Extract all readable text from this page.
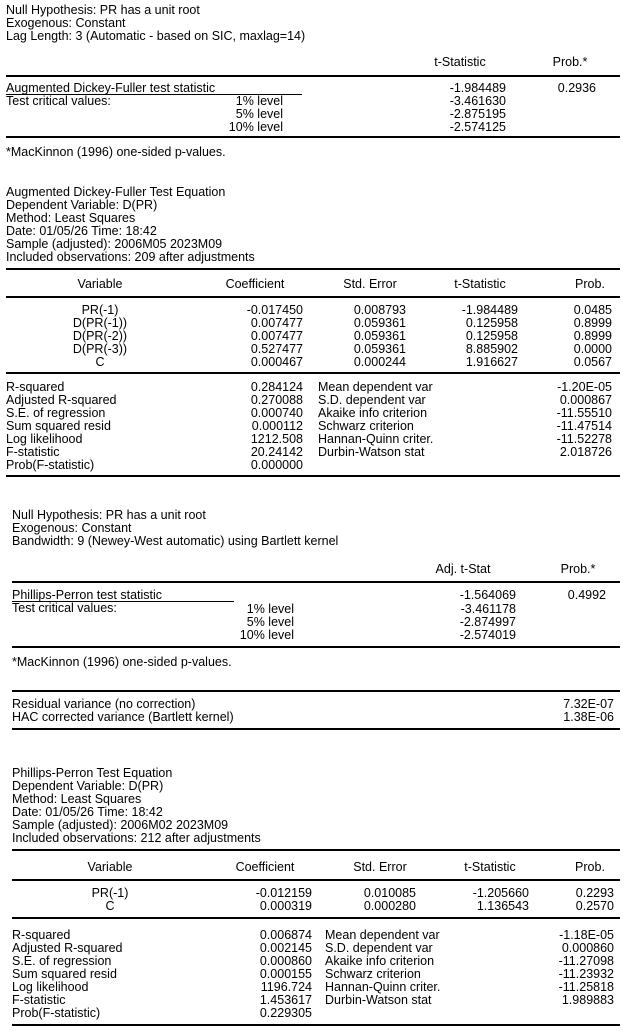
Null Hypothesis: PR has a unit root
Exogenous: Constant
Lag Length: 3 (Automatic - based on SIC, maxlag=14)
t-Statistic	Prob.*
Augmented Dickey-Fuller test statistic	-1.984489	0.2936
Test critical values:	1% level	-3.461630
5% level	-2.875195
10% level	-2.574125
*MacKinnon (1996) one-sided p-values.
Augmented Dickey-Fuller Test Equation
Dependent Variable: D(PR)
Method: Least Squares
Date: 01/05/26 Time: 18:42
Sample (adjusted): 2006M05 2023M09
Included observations: 209 after adjustments
Variable	Coefficient	Std. Error	t-Statistic	Prob.
PR(-1)	-0.017450	0.008793	-1.984489	0.0485
D(PR(-1))	0.007477	0.059361	0.125958	0.8999
D(PR(-2))	0.007477	0.059361	0.125958	0.8999
D(PR(-3))	0.527477	0.059361	8.885902	0.0000
C	0.000467	0.000244	1.916627	0.0567
R-squared	0.284124 Mean dependent var	-1.20E-05
Adjusted R-squared	0.270088 S.D. dependent var	0.000867
S.E. of regression	0.000740 Akaike info criterion	-11.55510
Sum squared resid	0.000112 Schwarz criterion	-11.47514
Log likelihood	1212.508 Hannan-Quinn criter.	-11.52278
F-statistic	20.24142 Durbin-Watson stat	2.018726
Prob(F-statistic)	0.000000
Null Hypothesis: PR has a unit root
Exogenous: Constant
Bandwidth: 9 (Newey-West automatic) using Bartlett kernel
Adj. t-Stat	Prob.*
Phillips-Perron test statistic	-1.564069	0.4992
Test critical values:	1% level	-3.461178
5% level	-2.874997
10% level	-2.574019
*MacKinnon (1996) one-sided p-values.
Residual variance (no correction)	7.32E-07
HAC corrected variance (Bartlett kernel)	1.38E-06
Phillips-Perron Test Equation
Dependent Variable: D(PR)
Method: Least Squares
Date: 01/05/26 Time: 18:42
Sample (adjusted): 2006M02 2023M09
Included observations: 212 after adjustments
Variable	Coefficient	Std. Error	t-Statistic	Prob.
PR(-1)	-0.012159	0.010085	-1.205660	0.2293
C	0.000319	0.000280	1.136543	0.2570
R-squared	0.006874 Mean dependent var	-1.18E-05
Adjusted R-squared	0.002145 S.D. dependent var	0.000860
S.E. of regression	0.000860 Akaike info criterion	-11.27098
Sum squared resid	0.000155 Schwarz criterion	-11.23932
Log likelihood	1196.724 Hannan-Quinn criter.	-11.25818
F-statistic	1.453617 Durbin-Watson stat	1.989883
Prob(F-statistic)	0.229305
